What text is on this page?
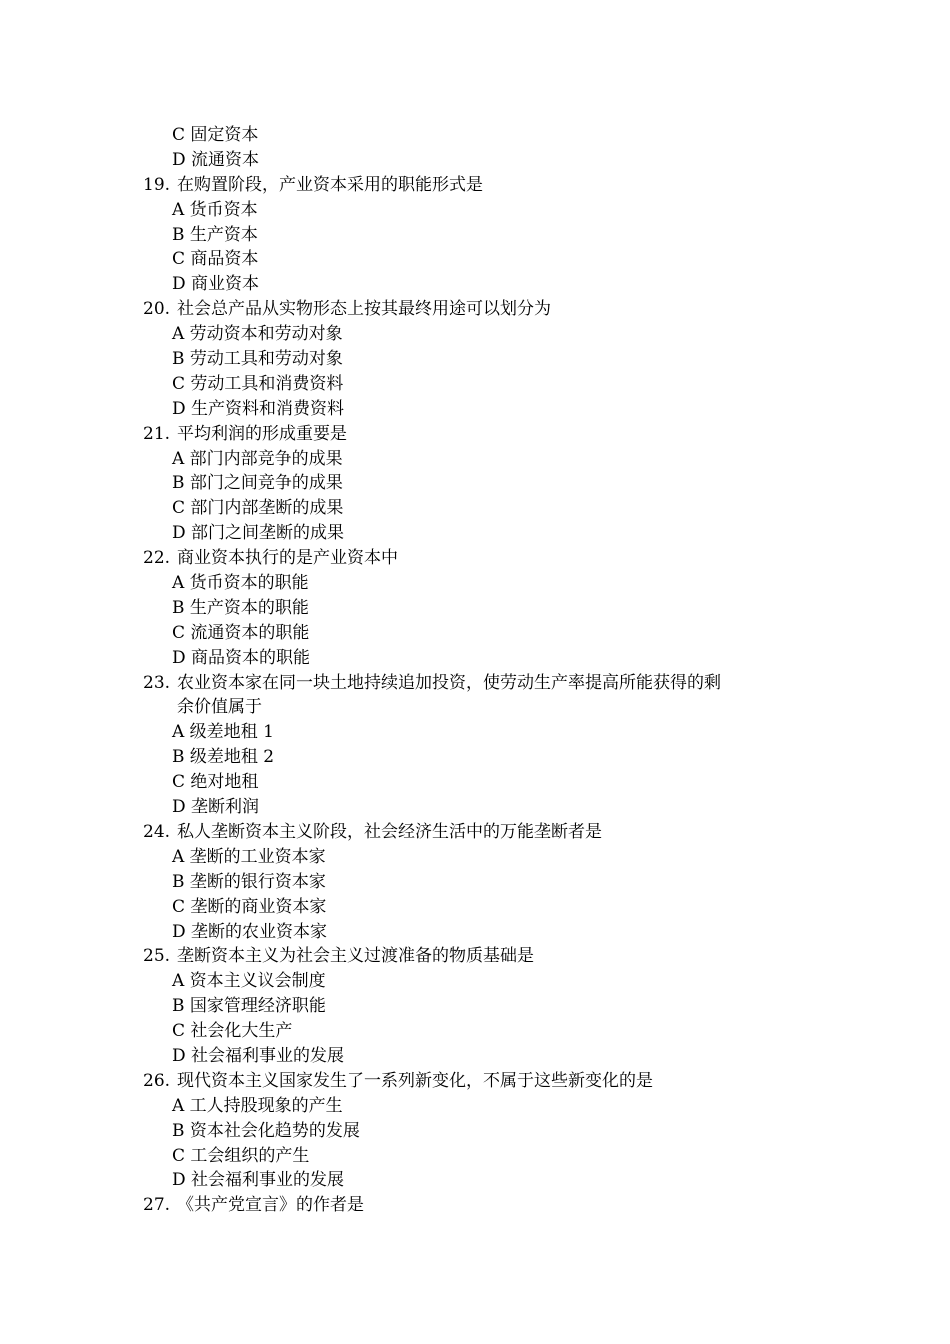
C 固定资本
D 流通资本
19. 在购置阶段，产业资本采用的职能形式是
A 货币资本
B 生产资本
C 商品资本
D 商业资本
20. 社会总产品从实物形态上按其最终用途可以划分为
A 劳动资本和劳动对象
B 劳动工具和劳动对象
C 劳动工具和消费资料
D 生产资料和消费资料
21. 平均利润的形成重要是
A 部门内部竞争的成果
B 部门之间竞争的成果
C 部门内部垄断的成果
D 部门之间垄断的成果
22. 商业资本执行的是产业资本中
A 货币资本的职能
B 生产资本的职能
C 流通资本的职能
D 商品资本的职能
23. 农业资本家在同一块土地持续追加投资，使劳动生产率提高所能获得的剩
余价值属于
A 级差地租 1
B 级差地租 2
C 绝对地租
D 垄断利润
24. 私人垄断资本主义阶段，社会经济生活中的万能垄断者是
A 垄断的工业资本家
B 垄断的银行资本家
C 垄断的商业资本家
D 垄断的农业资本家
25. 垄断资本主义为社会主义过渡准备的物质基础是
A 资本主义议会制度
B 国家管理经济职能
C 社会化大生产
D 社会福利事业的发展
26. 现代资本主义国家发生了一系列新变化，不属于这些新变化的是
A 工人持股现象的产生
B 资本社会化趋势的发展
C 工会组织的产生
D 社会福利事业的发展
27. 《共产党宣言》的作者是
